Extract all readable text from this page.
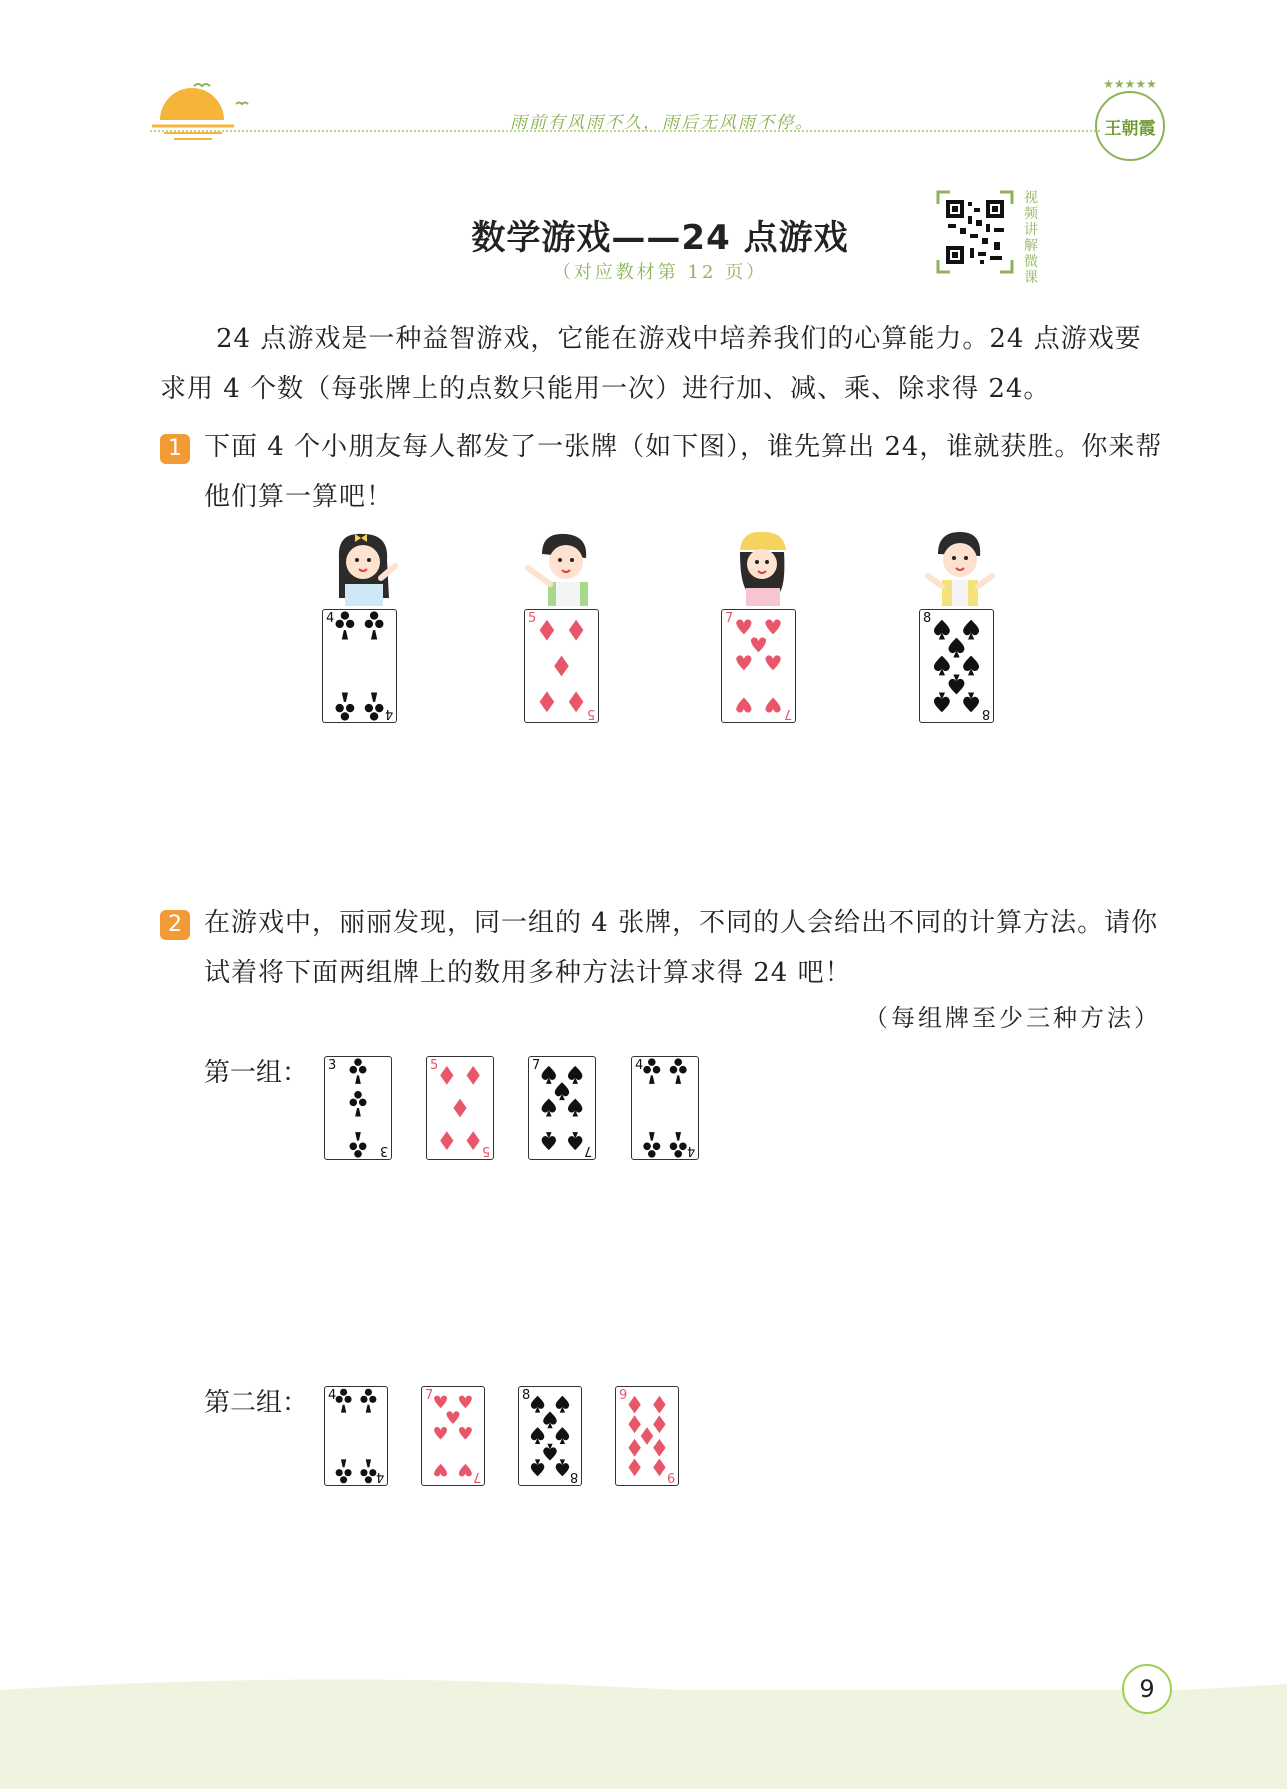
雨前有风雨不久，雨后无风雨不停。
★★★★★
王朝霞
数学游戏——24 点游戏
（对应教材第 12 页）
视频讲解微课
24 点游戏是一种益智游戏，它能在游戏中培养我们的心算能力。24 点游戏要求用 4 个数（每张牌上的点数只能用一次）进行加、减、乘、除求得 24。
1 下面 4 个小朋友每人都发了一张牌（如下图），谁先算出 24，谁就获胜。你来帮他们算一算吧！
4
4
5
5
7
7
8
8
2 在游戏中，丽丽发现，同一组的 4 张牌，不同的人会给出不同的计算方法。请你试着将下面两组牌上的数用多种方法计算求得 24 吧！
（每组牌至少三种方法）
第一组： 3
3
5
5
7
7
4
4
第二组： 4
4
7
7
8
8
9
9
9
